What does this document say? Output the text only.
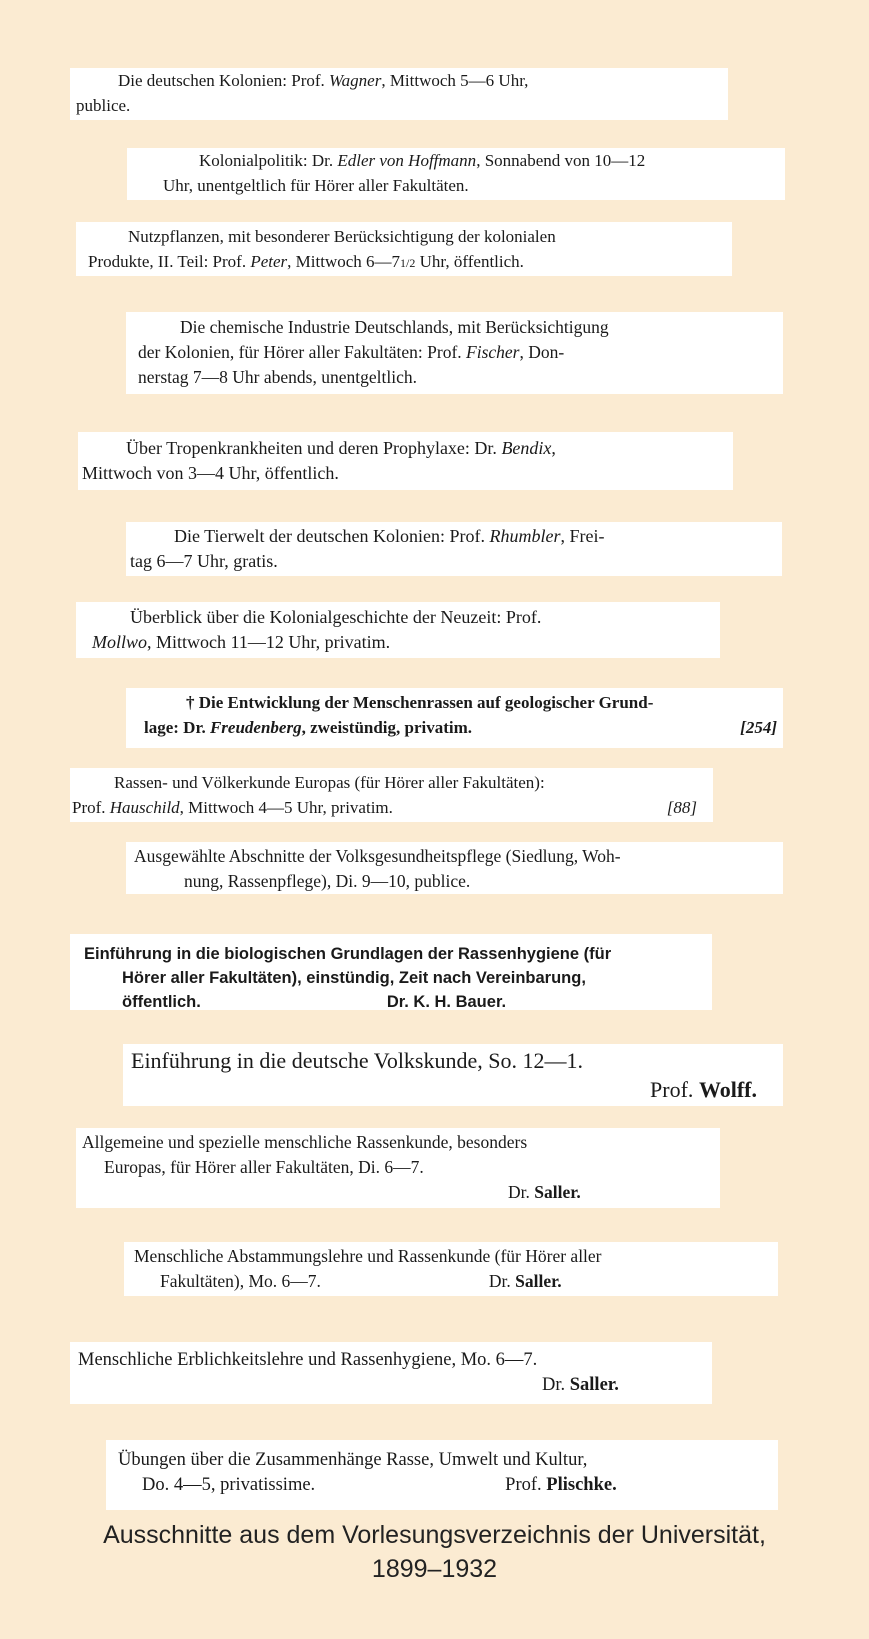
Die deutschen Kolonien: Prof. Wagner, Mittwoch 5—6 Uhr,
publice.
Kolonialpolitik: Dr. Edler von Hoffmann, Sonnabend von 10—12
Uhr, unentgeltlich für Hörer aller Fakultäten.
Nutzpflanzen, mit besonderer Berücksichtigung der kolonialen
Produkte, II. Teil: Prof. Peter, Mittwoch 6—71/2 Uhr, öffentlich.
Die chemische Industrie Deutschlands, mit Berücksichtigung
der Kolonien, für Hörer aller Fakultäten: Prof. Fischer, Don-
nerstag 7—8 Uhr abends, unentgeltlich.
Über Tropenkrankheiten und deren Prophylaxe: Dr. Bendix,
Mittwoch von 3—4 Uhr, öffentlich.
Die Tierwelt der deutschen Kolonien: Prof. Rhumbler, Frei-
tag 6—7 Uhr, gratis.
Überblick über die Kolonialgeschichte der Neuzeit: Prof.
Mollwo, Mittwoch 11—12 Uhr, privatim.
† Die Entwicklung der Menschenrassen auf geologischer Grund-
lage: Dr. Freudenberg, zweistündig, privatim.	[254]
Rassen- und Völkerkunde Europas (für Hörer aller Fakultäten):
Prof. Hauschild, Mittwoch 4—5 Uhr, privatim.	[88]
Ausgewählte Abschnitte der Volksgesundheitspflege (Siedlung, Woh-
nung, Rassenpflege), Di. 9—10, publice.
Einführung in die biologischen Grundlagen der Rassenhygiene (für
Hörer aller Fakultäten), einstündig, Zeit nach Vereinbarung,
öffentlich.	Dr. K. H. Bauer.
Einführung in die deutsche Volkskunde, So. 12—1.
Prof. Wolff.
Allgemeine und spezielle menschliche Rassenkunde, besonders
Europas, für Hörer aller Fakultäten, Di. 6—7.
Dr. Saller.
Menschliche Abstammungslehre und Rassenkunde (für Hörer aller
Fakultäten), Mo. 6—7.	Dr. Saller.
Menschliche Erblichkeitslehre und Rassenhygiene, Mo. 6—7.
Dr. Saller.
Übungen über die Zusammenhänge Rasse, Umwelt und Kultur,
Do. 4—5, privatissime.	Prof. Plischke.
Ausschnitte aus dem Vorlesungsverzeichnis der Universität,
1899–1932
